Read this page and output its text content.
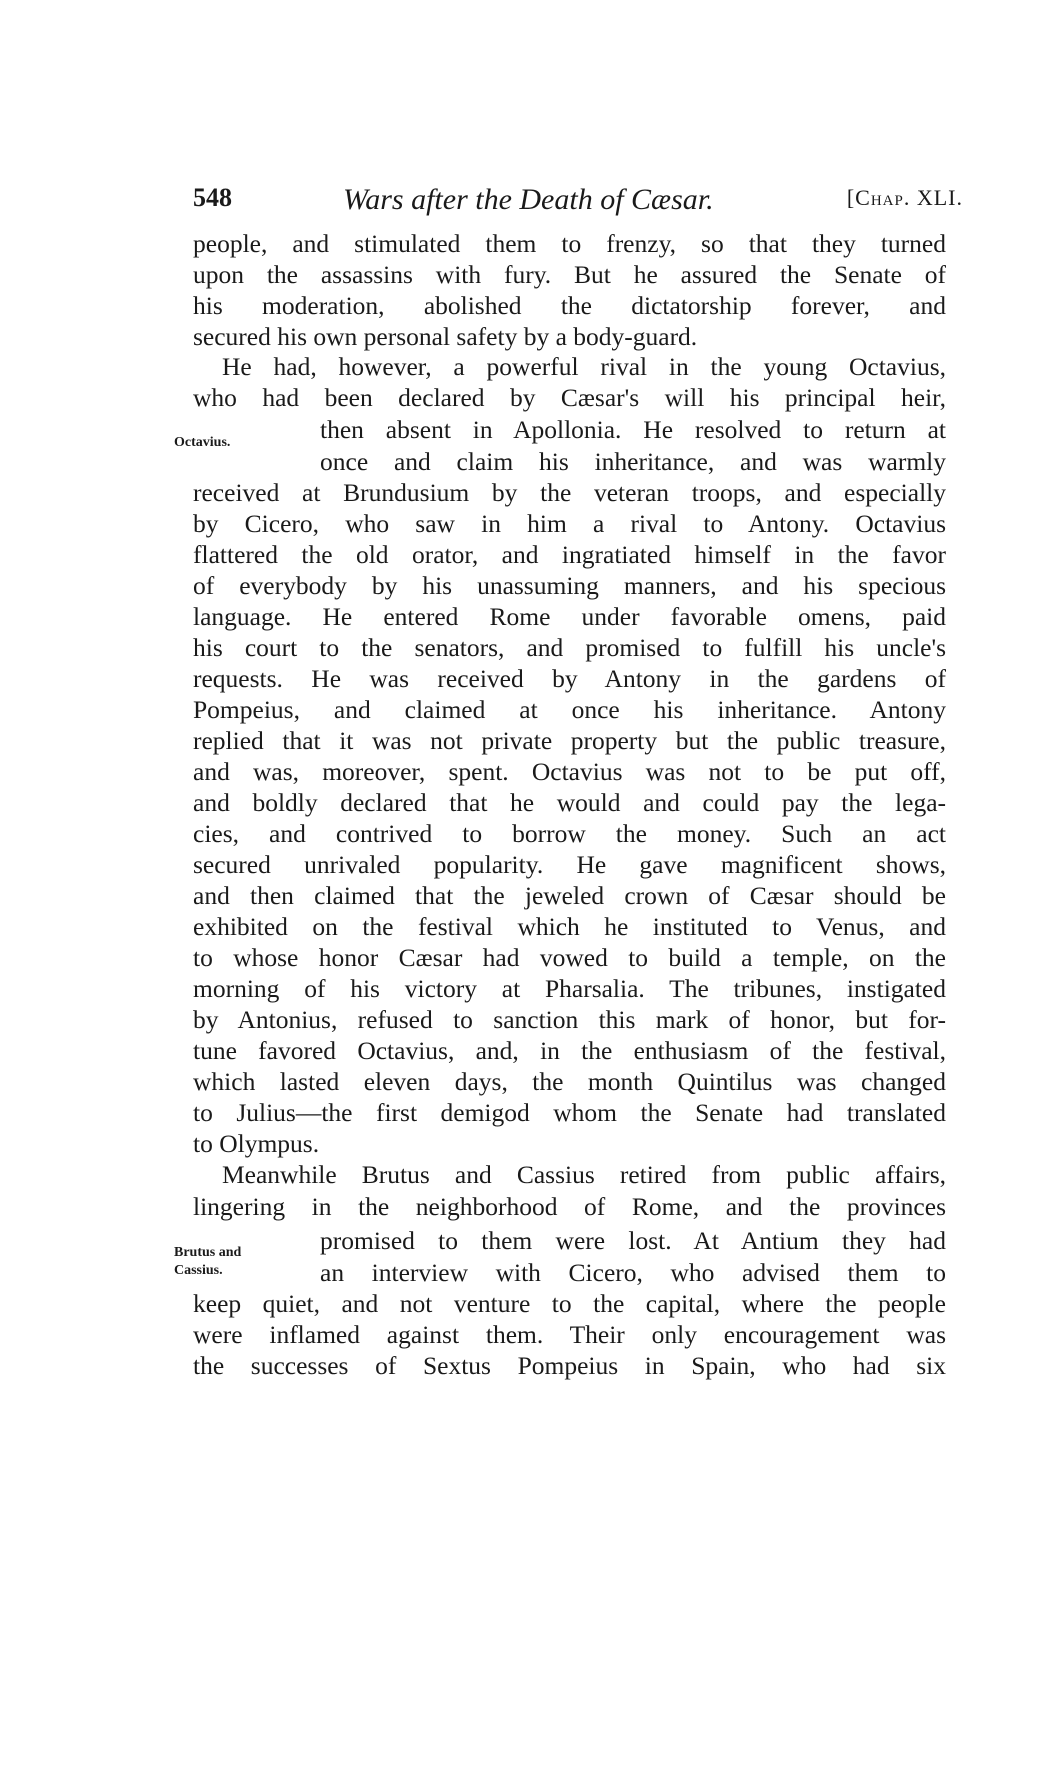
548	Wars after the Death of Cæsar.	[Chap. XLI.
Octavius.
Brutus and
Cassius.
people, and stimulated them to frenzy, so that they turned
upon the assassins with fury. But he assured the Senate of
his moderation, abolished the dictatorship forever, and
secured his own personal safety by a body-guard.
He had, however, a powerful rival in the young Octavius,
who had been declared by Cæsar's will his principal heir,
then absent in Apollonia. He resolved to return at
once and claim his inheritance, and was warmly
received at Brundusium by the veteran troops, and especially
by Cicero, who saw in him a rival to Antony. Octavius
flattered the old orator, and ingratiated himself in the favor
of everybody by his unassuming manners, and his specious
language. He entered Rome under favorable omens, paid
his court to the senators, and promised to fulfill his uncle's
requests. He was received by Antony in the gardens of
Pompeius, and claimed at once his inheritance. Antony
replied that it was not private property but the public treasure,
and was, moreover, spent. Octavius was not to be put off,
and boldly declared that he would and could pay the lega-
cies, and contrived to borrow the money. Such an act
secured unrivaled popularity. He gave magnificent shows,
and then claimed that the jeweled crown of Cæsar should be
exhibited on the festival which he instituted to Venus, and
to whose honor Cæsar had vowed to build a temple, on the
morning of his victory at Pharsalia. The tribunes, instigated
by Antonius, refused to sanction this mark of honor, but for-
tune favored Octavius, and, in the enthusiasm of the festival,
which lasted eleven days, the month Quintilus was changed
to Julius—the first demigod whom the Senate had translated
to Olympus.
Meanwhile Brutus and Cassius retired from public affairs,
lingering in the neighborhood of Rome, and the provinces
promised to them were lost. At Antium they had
an interview with Cicero, who advised them to
keep quiet, and not venture to the capital, where the people
were inflamed against them. Their only encouragement was
the successes of Sextus Pompeius in Spain, who had six
